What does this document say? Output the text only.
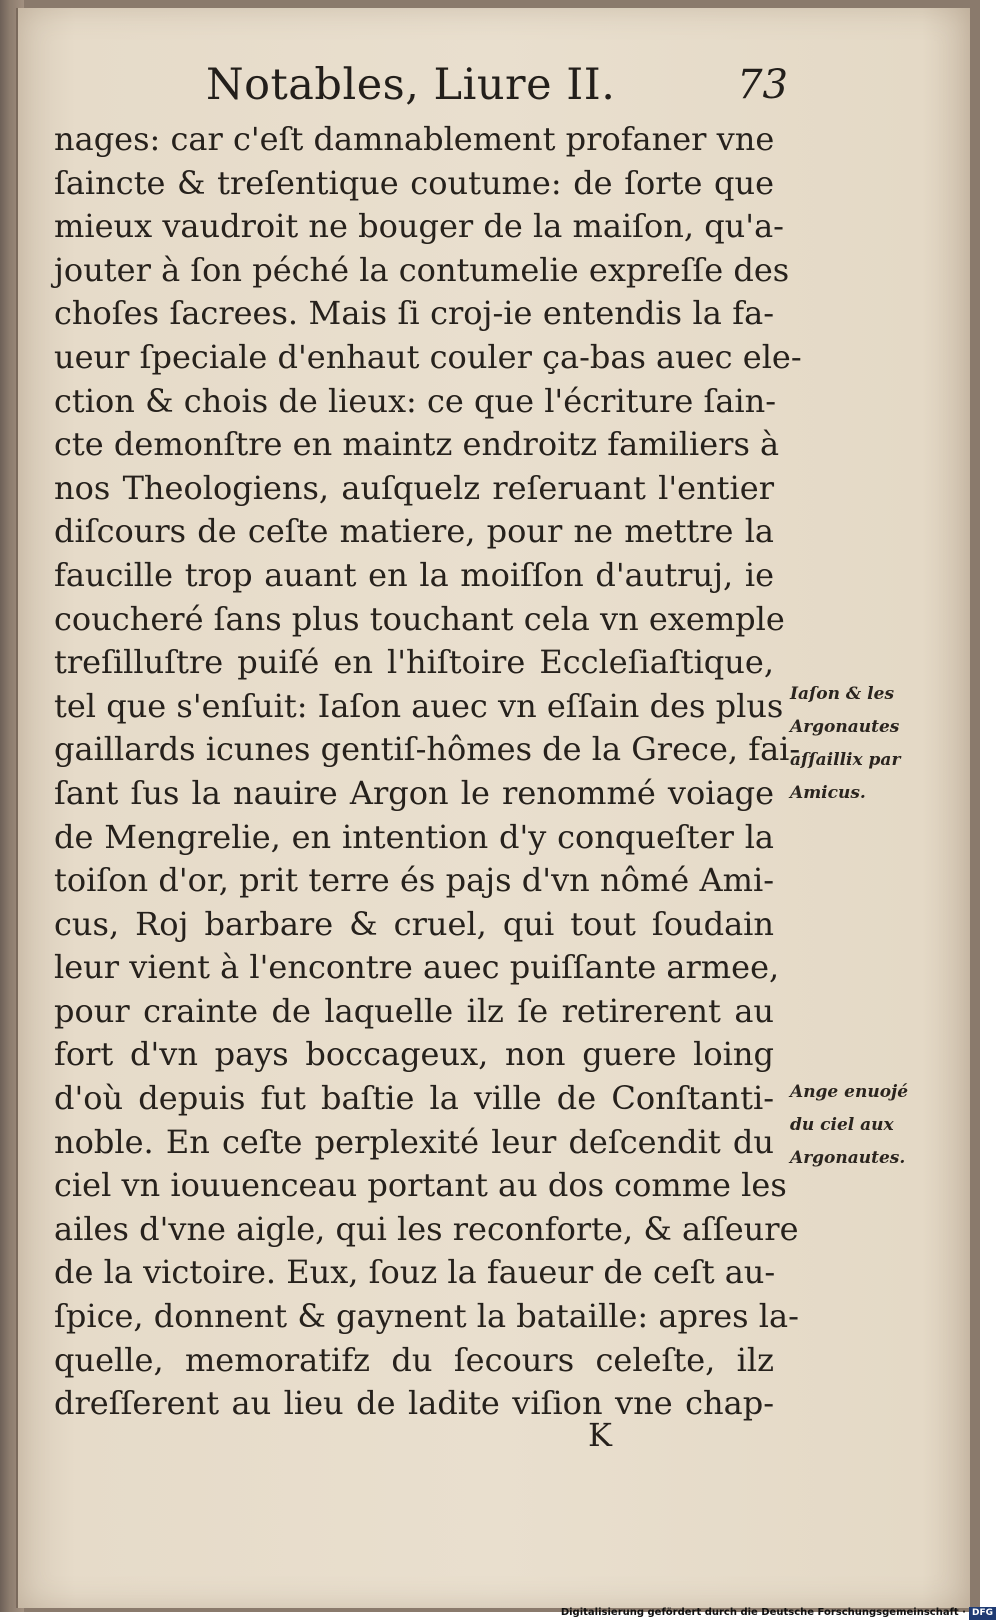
Notables, Liure II.	73
nages: car c'eſt damnablement profaner vne
ſaincte & treſentique coutume: de ſorte que
mieux vaudroit ne bouger de la maiſon, qu'a-
jouter à ſon péché la contumelie expreſſe des
choſes ſacrees. Mais ſi croj-ie entendis la fa-
ueur ſpeciale d'enhaut couler ça-bas auec ele-
ction & chois de lieux: ce que l'écriture ſain-
cte demonſtre en maintz endroitz familiers à
nos Theologiens, auſquelz reſeruant l'entier
diſcours de ceſte matiere, pour ne mettre la
faucille trop auant en la moiſſon d'autruj, ie
coucheré ſans plus touchant cela vn exemple
treſilluſtre puiſé en l'hiſtoire Eccleſiaſtique,
tel que s'enſuit: Iaſon auec vn eſſain des plus
gaillards icunes gentiſ-hômes de la Grece, fai-
ſant ſus la nauire Argon le renommé voiage
de Mengrelie, en intention d'y conqueſter la
toiſon d'or, prit terre és pajs d'vn nômé Ami-
cus, Roj barbare & cruel, qui tout ſoudain
leur vient à l'encontre auec puiſſante armee,
pour crainte de laquelle ilz ſe retirerent au
fort d'vn pays boccageux, non guere loing
d'où depuis fut baſtie la ville de Conſtanti-
noble. En ceſte perplexité leur deſcendit du
ciel vn iouuenceau portant au dos comme les
ailes d'vne aigle, qui les reconforte, & aſſeure
de la victoire. Eux, ſouz la faueur de ceſt au-
ſpice, donnent & gaynent la bataille: apres la-
quelle, memoratifz du ſecours celeſte, ilz
dreſſerent au lieu de ladite viſion vne chap-
Iaſon & les
Argonautes
aſſaillix par
Amicus.
Ange enuojé
du ciel aux
Argonautes.
K
Digitalisierung gefördert durch die Deutsche Forschungsgemeinschaft · DFG
